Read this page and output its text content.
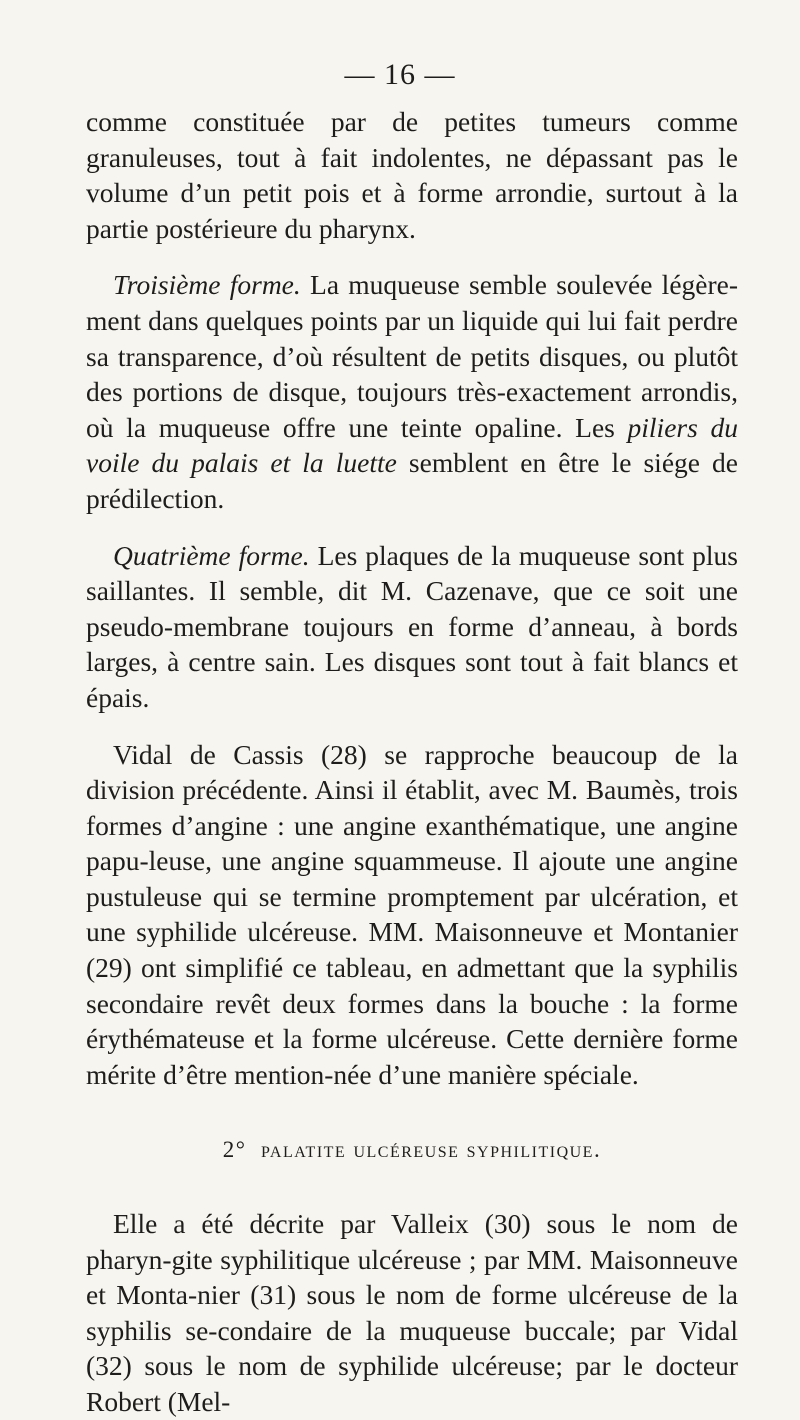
— 16 —

comme constituée par de petites tumeurs comme granuleuses, tout à fait indolentes, ne dépassant pas le volume d’un petit pois et à forme arrondie, surtout à la partie postérieure du pharynx.

Troisième forme. La muqueuse semble soulevée légère-ment dans quelques points par un liquide qui lui fait perdre sa transparence, d’où résultent de petits disques, ou plutôt des portions de disque, toujours très-exactement arrondis, où la muqueuse offre une teinte opaline. Les piliers du voile du palais et la luette semblent en être le siége de prédilection.

Quatrième forme. Les plaques de la muqueuse sont plus saillantes. Il semble, dit M. Cazenave, que ce soit une pseudo-membrane toujours en forme d’anneau, à bords larges, à centre sain. Les disques sont tout à fait blancs et épais.

Vidal de Cassis (28) se rapproche beaucoup de la division précédente. Ainsi il établit, avec M. Baumès, trois formes d’angine : une angine exanthématique, une angine papu-leuse, une angine squammeuse. Il ajoute une angine pustuleuse qui se termine promptement par ulcération, et une syphilide ulcéreuse. MM. Maisonneuve et Montanier (29) ont simplifié ce tableau, en admettant que la syphilis secondaire revêt deux formes dans la bouche : la forme érythémateuse et la forme ulcéreuse. Cette dernière forme mérite d’être mention-née d’une manière spéciale.

2° palatite ulcéreuse syphilitique.

Elle a été décrite par Valleix (30) sous le nom de pharyn-gite syphilitique ulcéreuse ; par MM. Maisonneuve et Monta-nier (31) sous le nom de forme ulcéreuse de la syphilis se-condaire de la muqueuse buccale; par Vidal (32) sous le nom de syphilide ulcéreuse; par le docteur Robert (Mel-
